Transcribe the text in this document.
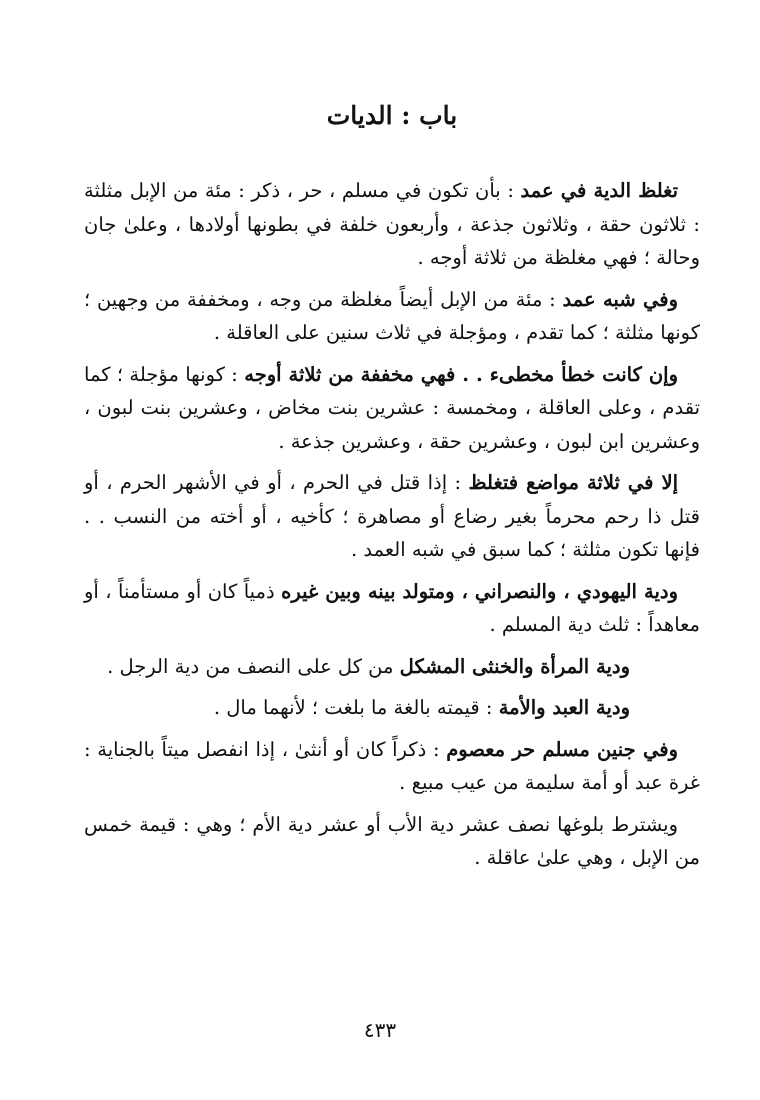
باب : الديات

تغلظ الدية في عمد : بأن تكون في مسلم ، حر ، ذكر : مئة من الإبل مثلثة : ثلاثون حقة ، وثلاثون جذعة ، وأربعون خلفة في بطونها أولادها ، وعلىٰ جان وحالة ؛ فهي مغلظة من ثلاثة أوجه .

وفي شبه عمد : مئة من الإبل أيضاً مغلظة من وجه ، ومخففة من وجهين ؛ كونها مثلثة ؛ كما تقدم ، ومؤجلة في ثلاث سنين على العاقلة .

وإن كانت خطأ مخطىء . . فهي مخففة من ثلاثة أوجه : كونها مؤجلة ؛ كما تقدم ، وعلى العاقلة ، ومخمسة : عشرين بنت مخاض ، وعشرين بنت لبون ، وعشرين ابن لبون ، وعشرين حقة ، وعشرين جذعة .

إلا في ثلاثة مواضع فتغلظ : إذا قتل في الحرم ، أو في الأشهر الحرم ، أو قتل ذا رحم محرماً بغير رضاع أو مصاهرة ؛ كأخيه ، أو أخته من النسب . . فإنها تكون مثلثة ؛ كما سبق في شبه العمد .

ودية اليهودي ، والنصراني ، ومتولد بينه وبين غيره ذمياً كان أو مستأمناً ، أو معاهداً : ثلث دية المسلم .

ودية المرأة والخنثى المشكل من كل على النصف من دية الرجل .

ودية العبد والأمة : قيمته بالغة ما بلغت ؛ لأنهما مال .

وفي جنين مسلم حر معصوم : ذكراً كان أو أنثىٰ ، إذا انفصل ميتاً بالجناية : غرة عبد أو أمة سليمة من عيب مبيع .

ويشترط بلوغها نصف عشر دية الأب أو عشر دية الأم ؛ وهي : قيمة خمس من الإبل ، وهي علىٰ عاقلة .

٤٣٣
